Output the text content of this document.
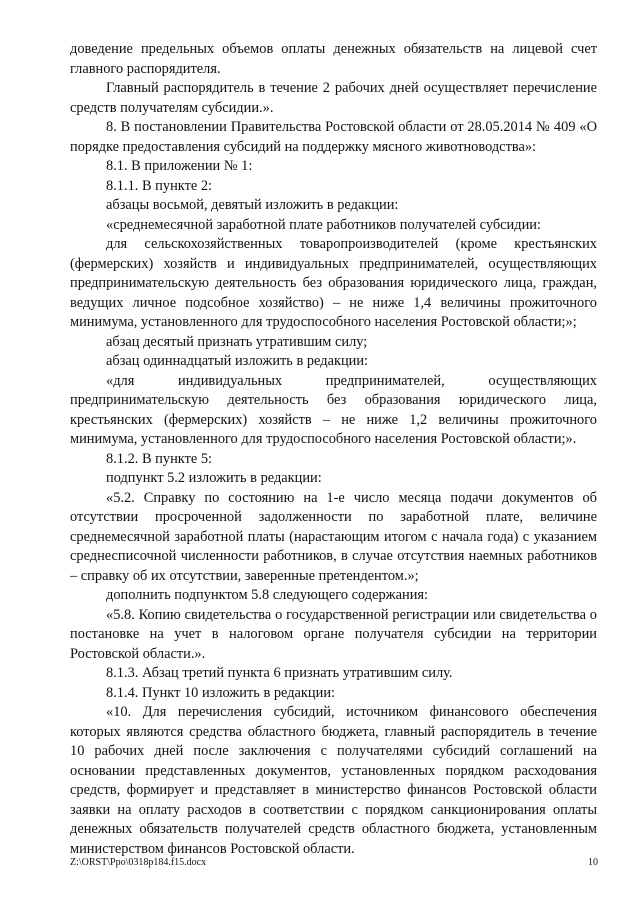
доведение предельных объемов оплаты денежных обязательств на лицевой счет главного распорядителя.

Главный распорядитель в течение 2 рабочих дней осуществляет перечисление средств получателям субсидии.».

8. В постановлении Правительства Ростовской области от 28.05.2014 № 409 «О порядке предоставления субсидий на поддержку мясного животноводства»:

8.1. В приложении № 1:

8.1.1. В пункте 2:

абзацы восьмой, девятый изложить в редакции:

«среднемесячной заработной плате работников получателей субсидии:

для сельскохозяйственных товаропроизводителей (кроме крестьянских (фермерских) хозяйств и индивидуальных предпринимателей, осуществляющих предпринимательскую деятельность без образования юридического лица, граждан, ведущих личное подсобное хозяйство) – не ниже 1,4 величины прожиточного минимума, установленного для трудоспособного населения Ростовской области;»;

абзац десятый признать утратившим силу;

абзац одиннадцатый изложить в редакции:

«для индивидуальных предпринимателей, осуществляющих предпринимательскую деятельность без образования юридического лица, крестьянских (фермерских) хозяйств – не ниже 1,2 величины прожиточного минимума, установленного для трудоспособного населения Ростовской области;».

8.1.2. В пункте 5:

подпункт 5.2 изложить в редакции:

«5.2. Справку по состоянию на 1-е число месяца подачи документов об отсутствии просроченной задолженности по заработной плате, величине среднемесячной заработной платы (нарастающим итогом с начала года) с указанием среднесписочной численности работников, в случае отсутствия наемных работников – справку об их отсутствии, заверенные претендентом.»;

дополнить подпунктом 5.8 следующего содержания:

«5.8. Копию свидетельства о государственной регистрации или свидетельства о постановке на учет в налоговом органе получателя субсидии на территории Ростовской области.».

8.1.3. Абзац третий пункта 6 признать утратившим силу.

8.1.4. Пункт 10 изложить в редакции:

«10. Для перечисления субсидий, источником финансового обеспечения которых являются средства областного бюджета, главный распорядитель в течение 10 рабочих дней после заключения с получателями субсидий соглашений на основании представленных документов, установленных порядком расходования средств, формирует и представляет в министерство финансов Ростовской области заявки на оплату расходов в соответствии с порядком санкционирования оплаты денежных обязательств получателей средств областного бюджета, установленным министерством финансов Ростовской области.

Z:\ORST\Ppo\0318p184.f15.docx	10
